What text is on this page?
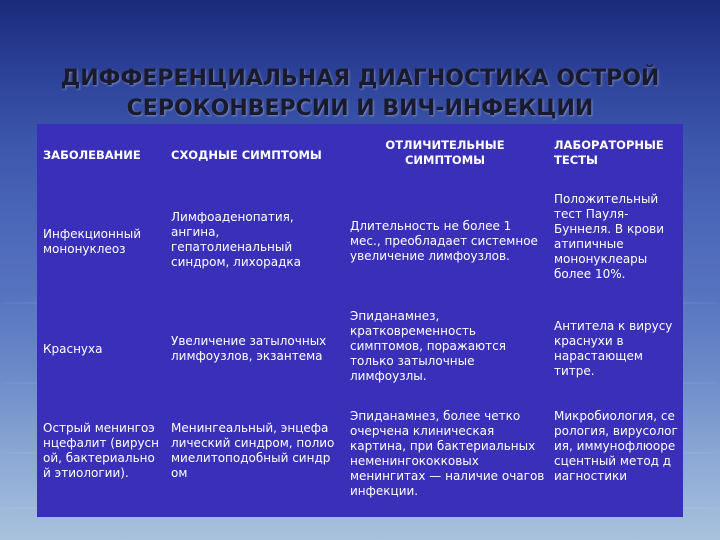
ДИФФЕРЕНЦИАЛЬНАЯ ДИАГНОСТИКА ОСТРОЙ
СЕРОКОНВЕРСИИ И ВИЧ-ИНФЕКЦИИ
ЗАБОЛЕВАНИЕ	СХОДНЫЕ СИМПТОМЫ
ОТЛИЧИТЕЛЬНЫЕ СИМПТОМЫ
ЛАБОРАТОРНЫЕ ТЕСТЫ
Инфекционный мононуклеоз
Лимфоаденопатия, ангина, гепатолиенальный синдром, лихорадка
Длительность не более 1 мес., преобладает системное увеличение лимфоузлов.
Положительный тест Пауля-Буннеля. В крови атипичные мононуклеары более 10%.
Краснуха
Увеличение затылочных лимфоузлов, экзантема
Эпиданамнез, кратковременность симптомов, поражаются только затылочные лимфоузлы.
Антитела к вирусу краснухи в нарастающем титре.
Острый менингоэнцефалит (вирусной, бактериальной этиологии).
Менингеальный, энцефалический синдром, полиомиелитоподобный синдром
Эпиданамнез, более четко очерчена клиническая картина, при бактериальных неменингококковых менингитах — наличие очагов инфекции.
Микробиология, серология, вирусология, иммунофлюоресцентный метод диагностики
